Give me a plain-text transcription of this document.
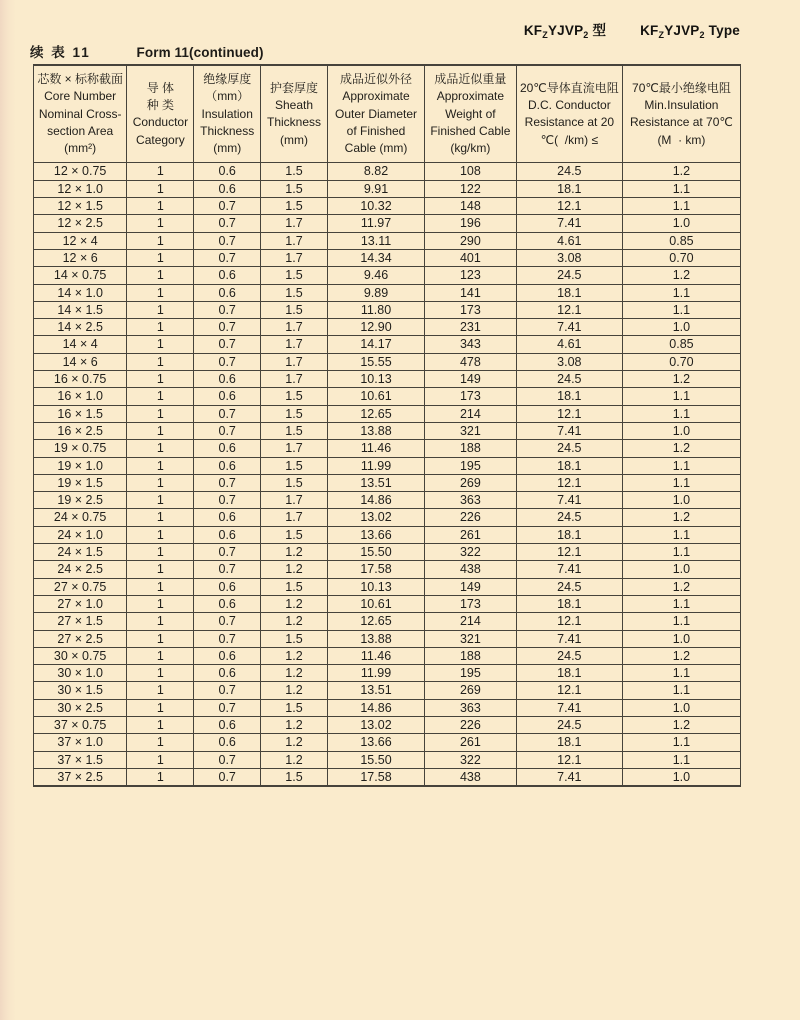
$KF_ZYJVP_2$ 型	$KF_ZYJVP_2$ Type
续 表 11	Form 11(continued)
芯数 × 标称截面
Core Number
Nominal Cross-
section Area
(mm²)	导 体
种 类
Conductor
Category	绝缘厚度
（mm）
Insulation
Thickness
(mm)	护套厚度
Sheath
Thickness
(mm)	成品近似外径
Approximate
Outer Diameter
of Finished
Cable (mm)	成品近似重量
Approximate
Weight of
Finished Cable
(kg/km)	20℃导体直流电阻
D.C. Conductor
Resistance at 20
℃(  /km) ≤	70℃最小绝缘电阻
Min.Insulation
Resistance at 70℃
(M  · km)
12 × 0.75	1	0.6	1.5	8.82	108	24.5	1.2
12 × 1.0	1	0.6	1.5	9.91	122	18.1	1.1
12 × 1.5	1	0.7	1.5	10.32	148	12.1	1.1
12 × 2.5	1	0.7	1.7	11.97	196	7.41	1.0
12 × 4	1	0.7	1.7	13.11	290	4.61	0.85
12 × 6	1	0.7	1.7	14.34	401	3.08	0.70
14 × 0.75	1	0.6	1.5	9.46	123	24.5	1.2
14 × 1.0	1	0.6	1.5	9.89	141	18.1	1.1
14 × 1.5	1	0.7	1.5	11.80	173	12.1	1.1
14 × 2.5	1	0.7	1.7	12.90	231	7.41	1.0
14 × 4	1	0.7	1.7	14.17	343	4.61	0.85
14 × 6	1	0.7	1.7	15.55	478	3.08	0.70
16 × 0.75	1	0.6	1.7	10.13	149	24.5	1.2
16 × 1.0	1	0.6	1.5	10.61	173	18.1	1.1
16 × 1.5	1	0.7	1.5	12.65	214	12.1	1.1
16 × 2.5	1	0.7	1.5	13.88	321	7.41	1.0
19 × 0.75	1	0.6	1.7	11.46	188	24.5	1.2
19 × 1.0	1	0.6	1.5	11.99	195	18.1	1.1
19 × 1.5	1	0.7	1.5	13.51	269	12.1	1.1
19 × 2.5	1	0.7	1.7	14.86	363	7.41	1.0
24 × 0.75	1	0.6	1.7	13.02	226	24.5	1.2
24 × 1.0	1	0.6	1.5	13.66	261	18.1	1.1
24 × 1.5	1	0.7	1.2	15.50	322	12.1	1.1
24 × 2.5	1	0.7	1.2	17.58	438	7.41	1.0
27 × 0.75	1	0.6	1.5	10.13	149	24.5	1.2
27 × 1.0	1	0.6	1.2	10.61	173	18.1	1.1
27 × 1.5	1	0.7	1.2	12.65	214	12.1	1.1
27 × 2.5	1	0.7	1.5	13.88	321	7.41	1.0
30 × 0.75	1	0.6	1.2	11.46	188	24.5	1.2
30 × 1.0	1	0.6	1.2	11.99	195	18.1	1.1
30 × 1.5	1	0.7	1.2	13.51	269	12.1	1.1
30 × 2.5	1	0.7	1.5	14.86	363	7.41	1.0
37 × 0.75	1	0.6	1.2	13.02	226	24.5	1.2
37 × 1.0	1	0.6	1.2	13.66	261	18.1	1.1
37 × 1.5	1	0.7	1.2	15.50	322	12.1	1.1
37 × 2.5	1	0.7	1.5	17.58	438	7.41	1.0
